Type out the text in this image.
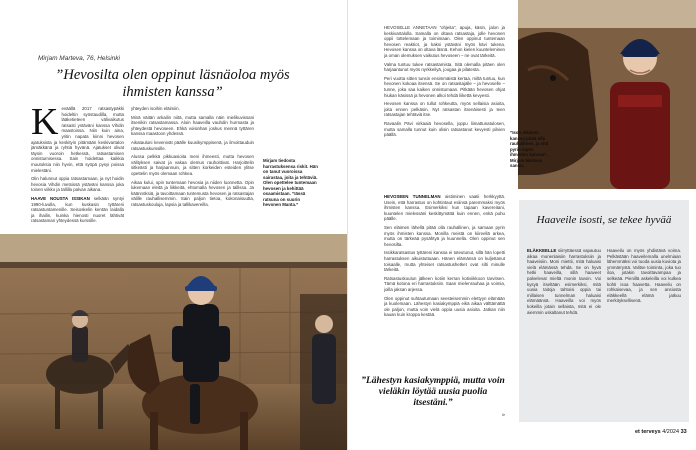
Mirjam Marteva, 76, Helsinki
”Hevosilta olen oppinut läsnäoloa myös ihmisten kanssa”
K eväällä 2017 ratsastypäkki hoideltin syöstaudilla, mutta lääketieteen välivaikutus ratsasti ystäväni kanssa Vihdin maastoissa. Niin kuin aina, yritin napata kiinni hevosen ajatuksista ja keskityin pitämään keskivartalon jämäkkänä ja ryhtiä hyvänä. Ajatukset olivat täysin vuoroin hetkessä, ratsastamisen onnistumisessa. Sain hoidettaa kaikkia muutoksia niin hyvin, että syöpä pysyi poissa mielestäni.

Olin halunnut oppia ratsastamaan, ja nyt hoidin hevosia Vihdin metsissä ystäväni kanssa joka toinen viikko ja tallilla palvan aikana.

HAAVE NOUSTA ISSIKAN selkään syntyi 1990-luvulla, kun kuskasin tyttäreni ratsastuntamenille. Seisoskelin kentän laidalla ja ihailin, kuinka hienosti nuoret lähtivät ratsastaman yhteydessä kurssille.

yhteyden isoihin eläimiin.

Minä väitän arkailin niitä, mutta samalla näin mielikuvissani itsenikin ratsastamassa. Aloin haaveilla vauhdin hurmasta ja yhteydestä hevoseen. Ehkä voisinhan joskus mennä tyttären kanssa maastoon yhdessä.

Aikatauluni kevenivät päälle kuusikymppisenä, ja ilmoittauduin ratsastuskurssille.

Alussa pelkkä pikkuasioita meni ihmeesti, mutta hevosen välityksen saivat ja vakaa olemus rauhoittivat. Harjoittelin sitkeästi ja harjaannuin, ja sitten korkeiden esteiden ylitse opettelin myös olemaan rohkea.

Aikaa kului, opin tuntemaan hevosia ja niiden luonnetta. Opin lukemaan eleitä ja liikkeitä, ehtomalla hevosen ja tallissa. Ja käännöksiä, ja tavoittamaan tuntemusta hevosen ja ratsastajan välille rauhallisemmin. Sain paljon tietoa, kokonaisuutta, ratsastuskouluja, lapsia ja tallikavereilla.

Mirjam tiedosta harrastuksensa riskit. Hän on tanut vuoroissa sairastaa, joita ja tehtäviä. Olen opettelee tuntemaan hevosen ja kehittää osaamistaan. ”Iässä ratsuna on suurin hevonen Manta.”

HEVOSELLE ANNETAAN ”ohjeita”, apuja, käsin, jalon ja keskivartalolla. Samalla on oltava ratsastaja, jolle hevonen oppii tottelemaan ja toimimaan. Olen oppinut tuntemaan hevosen reaktiot, ja kaksi ystäväni myös kävi tukena. Hevosen kanssa on oltava läsnä. Kehon kielen kuunteleminen ja oman olemuksen vaikutus hevoseen – ne ovat tärkeitä.

Valma tuntuu tukee ratsastamista. Sitä olemalla pitäen olen harjaantunut myös nyrkkeilyä, joogaa ja pilatesta.

Peri vuotta sitten tunsin ensimmäistä kertaa, miltä tuntuu, kun hevonen kokoaa itsensä. Se on ratsastajalle – ja hevoselle – tunne, joka saa kaiken onnistumaan. Pitkään hevosen ohjat hiukan käsissä ja hevonen alkoi tehdä liikettä kevyesti.

Hevosen kanssa on tullut rohkeutta, myös sellaisia asioita, joita ennen pelkäsin. Nyt ratsastan itsenäisesti ja teen ratsastajan tehtäviä itse.

Ravaalin Pävi virkaaiä hevosella, joppu liimattunatulosen, mutta samalla tunnut kuin olisin ratsastanut kevyesti pilvien päällä.

HEVOSEEN TUNNELMAN aistiminen vaatii herkkyyttä. Usein, että harrastus on kohtintaut esiinsä paremmaksi myös ihmisten kanssa. Esimerkiksi kun tapaan kavereitani, kuuntelen mielessäni keskittymättä kuin ennen, enkä puhu päälle.

Sen eläimen lähellä pitää olla rauhallinen, ja samaan pyrin myös ihmisten kanssa. Monilla meistä on kiireellä arkea, mutta on tärkeää pysähtyä ja kuunnella. Olen oppinut sen hevosilta.

Issikkaratsastus tyttäreni kanssa ei toteutunut, sillä hän lopetti harrastuksen aikuistuttuaan. Hänen elämänsä on kuljettanut toisaalle, mutta yhteiset ratsastushetket ovat silti minulle tärkeitä.

Ratsastuskoulun jälkeen kotiin kerran kotiviikkoon tarvitsen. Tämä kotona eri harrastuksiin. Saan mielenrauhaa ja voimia, joilla jaksan arjessa.

Olen oppinut suhtautumaan seesteisemmin elettyyn elämään ja kuolemaan. Lähestyn kasiakymppiä eikä aikaa välttämättä ole paljon, mutta voin vielä oppia uusia asioita. Jatkan niin kauan kuin kroppa kestää.

”Lähestyn kasiakymppiä, mutta voin vieläkin löytää uusia puolia itsestäni.”
»
”Ison eläimen kanssa pitää olla rauhallinen, ja sitä pyrin myös ihmisten kanssa”, Mirjam Marteva sanoo.
Haaveile isosti, se tekee hyvää

ELÄKKEELLE siirryttäessä vapautuu aikaa monenlaisiin harrastuksiin ja haaveisiin. Moni miettii, mitä haluaisi vielä elämässä tehdä. Se on hyvä hetki haaveilla, sillä haaveet palvelevat mieltä monin tavoin. Voi kysyä itseltään esimerkiksi, mitä uusia taitoja tahtoisi oppia tai millaisen tunnelman haluaisi elämäänsä. Haaveilla voi myös kokeilla jotain sellaista, mitä ei ole aiemmin uskaltanut tehdä.

Haaveilu on myös yhdistävä voima. Pelkästään haaveilemalla unelmiaan lähemmäksi voi tuoda uusia kuviota ja ymmärrystä. Valitse toiminta, joka tuo iloa, jotakin tavoittavampaa ja selkeää. Pienillä askeleilla voi kulkea kohti isoa haavetta. Haaveilu on rohkaisevaa, ja sen ansiosta eläkkeellä elämä jatkuu merkityksellisenä.

et terveys 4/2024 33
